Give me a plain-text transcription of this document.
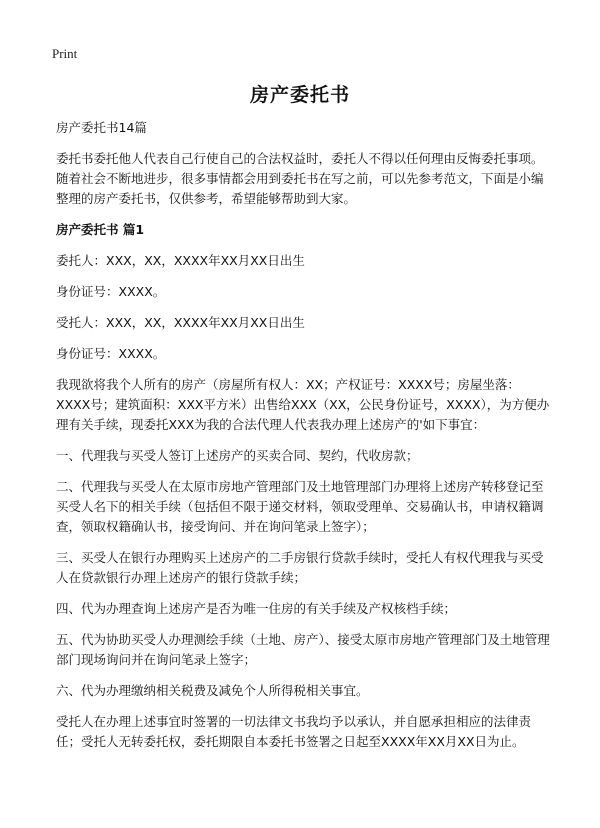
Print
房产委托书

房产委托书14篇

委托书委托他人代表自己行使自己的合法权益时，委托人不得以任何理由反悔委托事项。随着社会不断地进步，很多事情都会用到委托书在写之前，可以先参考范文，下面是小编整理的房产委托书，仅供参考，希望能够帮助到大家。

房产委托书 篇1

委托人：XXX，XX，XXXX年XX月XX日出生

身份证号：XXXX。

受托人：XXX，XX，XXXX年XX月XX日出生

身份证号：XXXX。

我现欲将我个人所有的房产（房屋所有权人：XX；产权证号：XXXX号；房屋坐落：XXXX号；建筑面积：XXX平方米）出售给XXX（XX，公民身份证号，XXXX），为方便办理有关手续，现委托XXX为我的合法代理人代表我办理上述房产的'如下事宜：

一、代理我与买受人签订上述房产的买卖合同、契约，代收房款；

二、代理我与买受人在太原市房地产管理部门及土地管理部门办理将上述房产转移登记至买受人名下的相关手续（包括但不限于递交材料，领取受理单、交易确认书，申请权籍调查，领取权籍确认书，接受询问、并在询问笔录上签字）；

三、买受人在银行办理购买上述房产的二手房银行贷款手续时，受托人有权代理我与买受人在贷款银行办理上述房产的银行贷款手续；

四、代为办理查询上述房产是否为唯一住房的有关手续及产权核档手续；

五、代为协助买受人办理测绘手续（土地、房产）、接受太原市房地产管理部门及土地管理部门现场询问并在询问笔录上签字；

六、代为办理缴纳相关税费及减免个人所得税相关事宜。

受托人在办理上述事宜时签署的一切法律文书我均予以承认，并自愿承担相应的法律责任；受托人无转委托权，委托期限自本委托书签署之日起至XXXX年XX月XX日为止。
